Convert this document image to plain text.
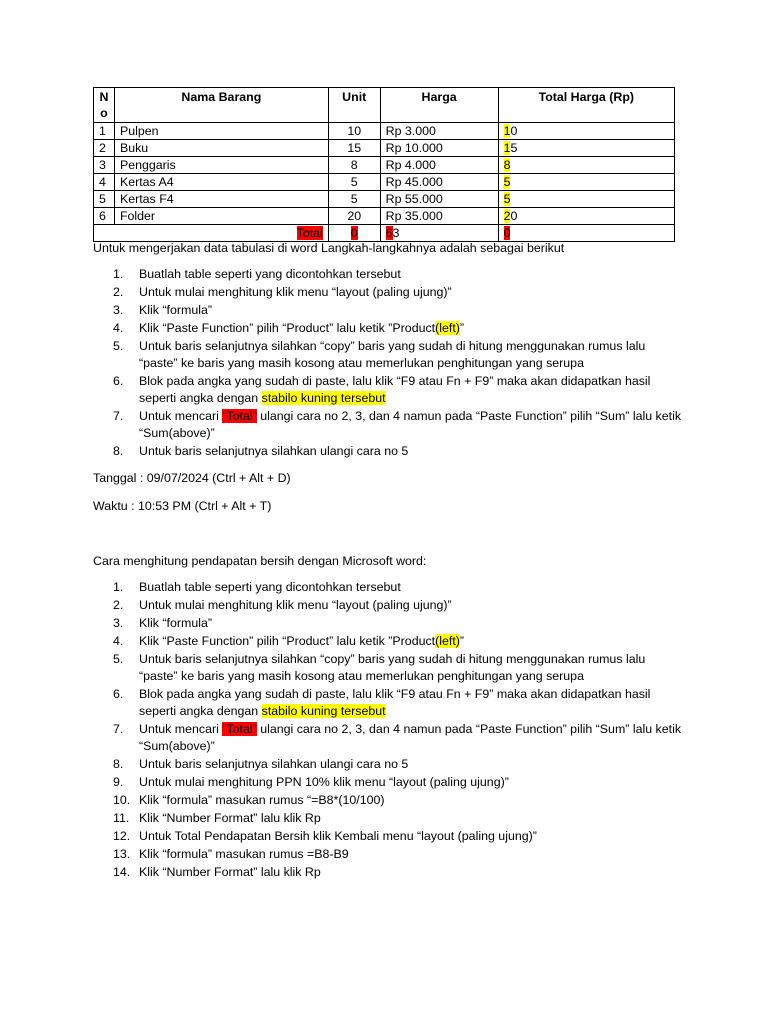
No	Nama Barang	Unit	Harga	Total Harga (Rp)
1	Pulpen	10	Rp 3.000	10
2	Buku	15	Rp 10.000	15
3	Penggaris	8	Rp 4.000	8
4	Kertas A4	5	Rp 45.000	5
5	Kertas F4	5	Rp 55.000	5
6	Folder	20	Rp 35.000	20
Total		0	63	0

Untuk mengerjakan data tabulasi di word Langkah-langkahnya adalah sebagai berikut

1.	Buatlah table seperti yang dicontohkan tersebut
2.	Untuk mulai menghitung klik menu “layout (paling ujung)”
3.	Klik “formula”
4.	Klik “Paste Function” pilih “Product” lalu ketik ”Product(left)”
5.	Untuk baris selanjutnya silahkan “copy” baris yang sudah di hitung menggunakan rumus lalu “paste” ke baris yang masih kosong atau memerlukan penghitungan yang serupa
6.	Blok pada angka yang sudah di paste, lalu klik “F9 atau Fn + F9” maka akan didapatkan hasil seperti angka dengan stabilo kuning tersebut
7.	Untuk mencari “Total” ulangi cara no 2, 3, dan 4 namun pada “Paste Function” pilih “Sum” lalu ketik “Sum(above)”
8.	Untuk baris selanjutnya silahkan ulangi cara no 5

Tanggal : 09/07/2024 (Ctrl + Alt + D)

Waktu : 10:53 PM (Ctrl + Alt + T)

Cara menghitung pendapatan bersih dengan Microsoft word:

1.	Buatlah table seperti yang dicontohkan tersebut
2.	Untuk mulai menghitung klik menu “layout (paling ujung)”
3.	Klik “formula”
4.	Klik “Paste Function” pilih “Product” lalu ketik ”Product(left)”
5.	Untuk baris selanjutnya silahkan “copy” baris yang sudah di hitung menggunakan rumus lalu “paste” ke baris yang masih kosong atau memerlukan penghitungan yang serupa
6.	Blok pada angka yang sudah di paste, lalu klik “F9 atau Fn + F9” maka akan didapatkan hasil seperti angka dengan stabilo kuning tersebut
7.	Untuk mencari “Total” ulangi cara no 2, 3, dan 4 namun pada “Paste Function” pilih “Sum” lalu ketik “Sum(above)”
8.	Untuk baris selanjutnya silahkan ulangi cara no 5
9.	Untuk mulai menghitung PPN 10% klik menu “layout (paling ujung)”
10. Klik “formula” masukan rumus “=B8*(10/100)
11. Klik “Number Format” lalu klik Rp
12. Untuk Total Pendapatan Bersih klik Kembali menu “layout (paling ujung)”
13. Klik “formula” masukan rumus =B8-B9
14. Klik “Number Format” lalu klik Rp
